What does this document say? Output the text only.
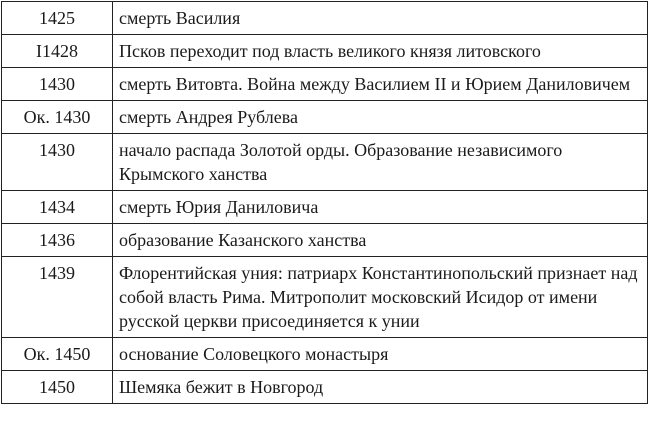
1425	смерть Василия
I1428	Псков переходит под власть великого князя литовского
1430	смерть Витовта. Война между Василием II и Юрием Даниловичем
Ок. 1430	смерть Андрея Рублева
1430	начало распада Золотой орды. Образование независимого Крымского ханства
1434	смерть Юрия Даниловича
1436	образование Казанского ханства
1439	Флорентийская уния: патриарх Константинопольский признает над собой власть Рима. Митрополит московский Исидор от имени русской церкви присоединяется к унии
Ок. 1450	основание Соловецкого монастыря
1450	Шемяка бежит в Новгород
